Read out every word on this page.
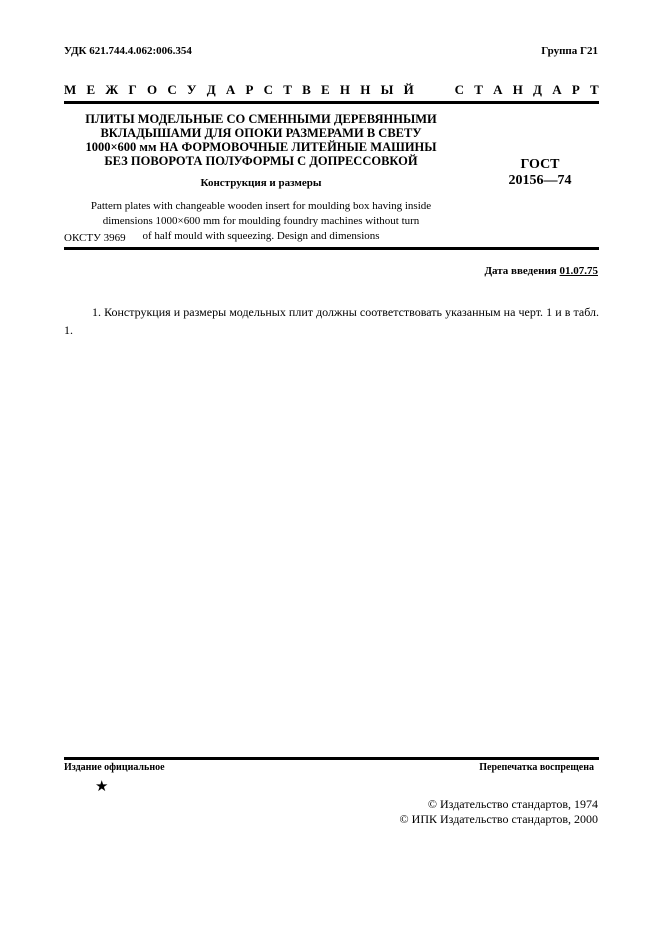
УДК 621.744.4.062:006.354	Группа Г21
М Е Ж Г О С У Д А Р С Т В Е Н Н Ы Й	С Т А Н Д А Р Т

ПЛИТЫ МОДЕЛЬНЫЕ СО СМЕННЫМИ ДЕРЕВЯННЫМИ
ВКЛАДЫШАМИ ДЛЯ ОПОКИ РАЗМЕРАМИ В СВЕТУ
1000×600 мм НА ФОРМОВОЧНЫЕ ЛИТЕЙНЫЕ МАШИНЫ
БЕЗ ПОВОРОТА ПОЛУФОРМЫ С ДОПРЕССОВКОЙ

Конструкция и размеры
Pattern plates with changeable wooden insert for moulding box having inside
dimensions 1000×600 mm for moulding foundry machines without turn
of half mould with squeezing. Design and dimensions
ГОСТ
20156—74
ОКСТУ 3969
Дата введения 01.07.75

1. Конструкция и размеры модельных плит должны соответствовать указанным на черт. 1 и в табл. 1.

Издание официальное	Перепечатка воспрещена
★
© Издательство стандартов, 1974
© ИПК Издательство стандартов, 2000
